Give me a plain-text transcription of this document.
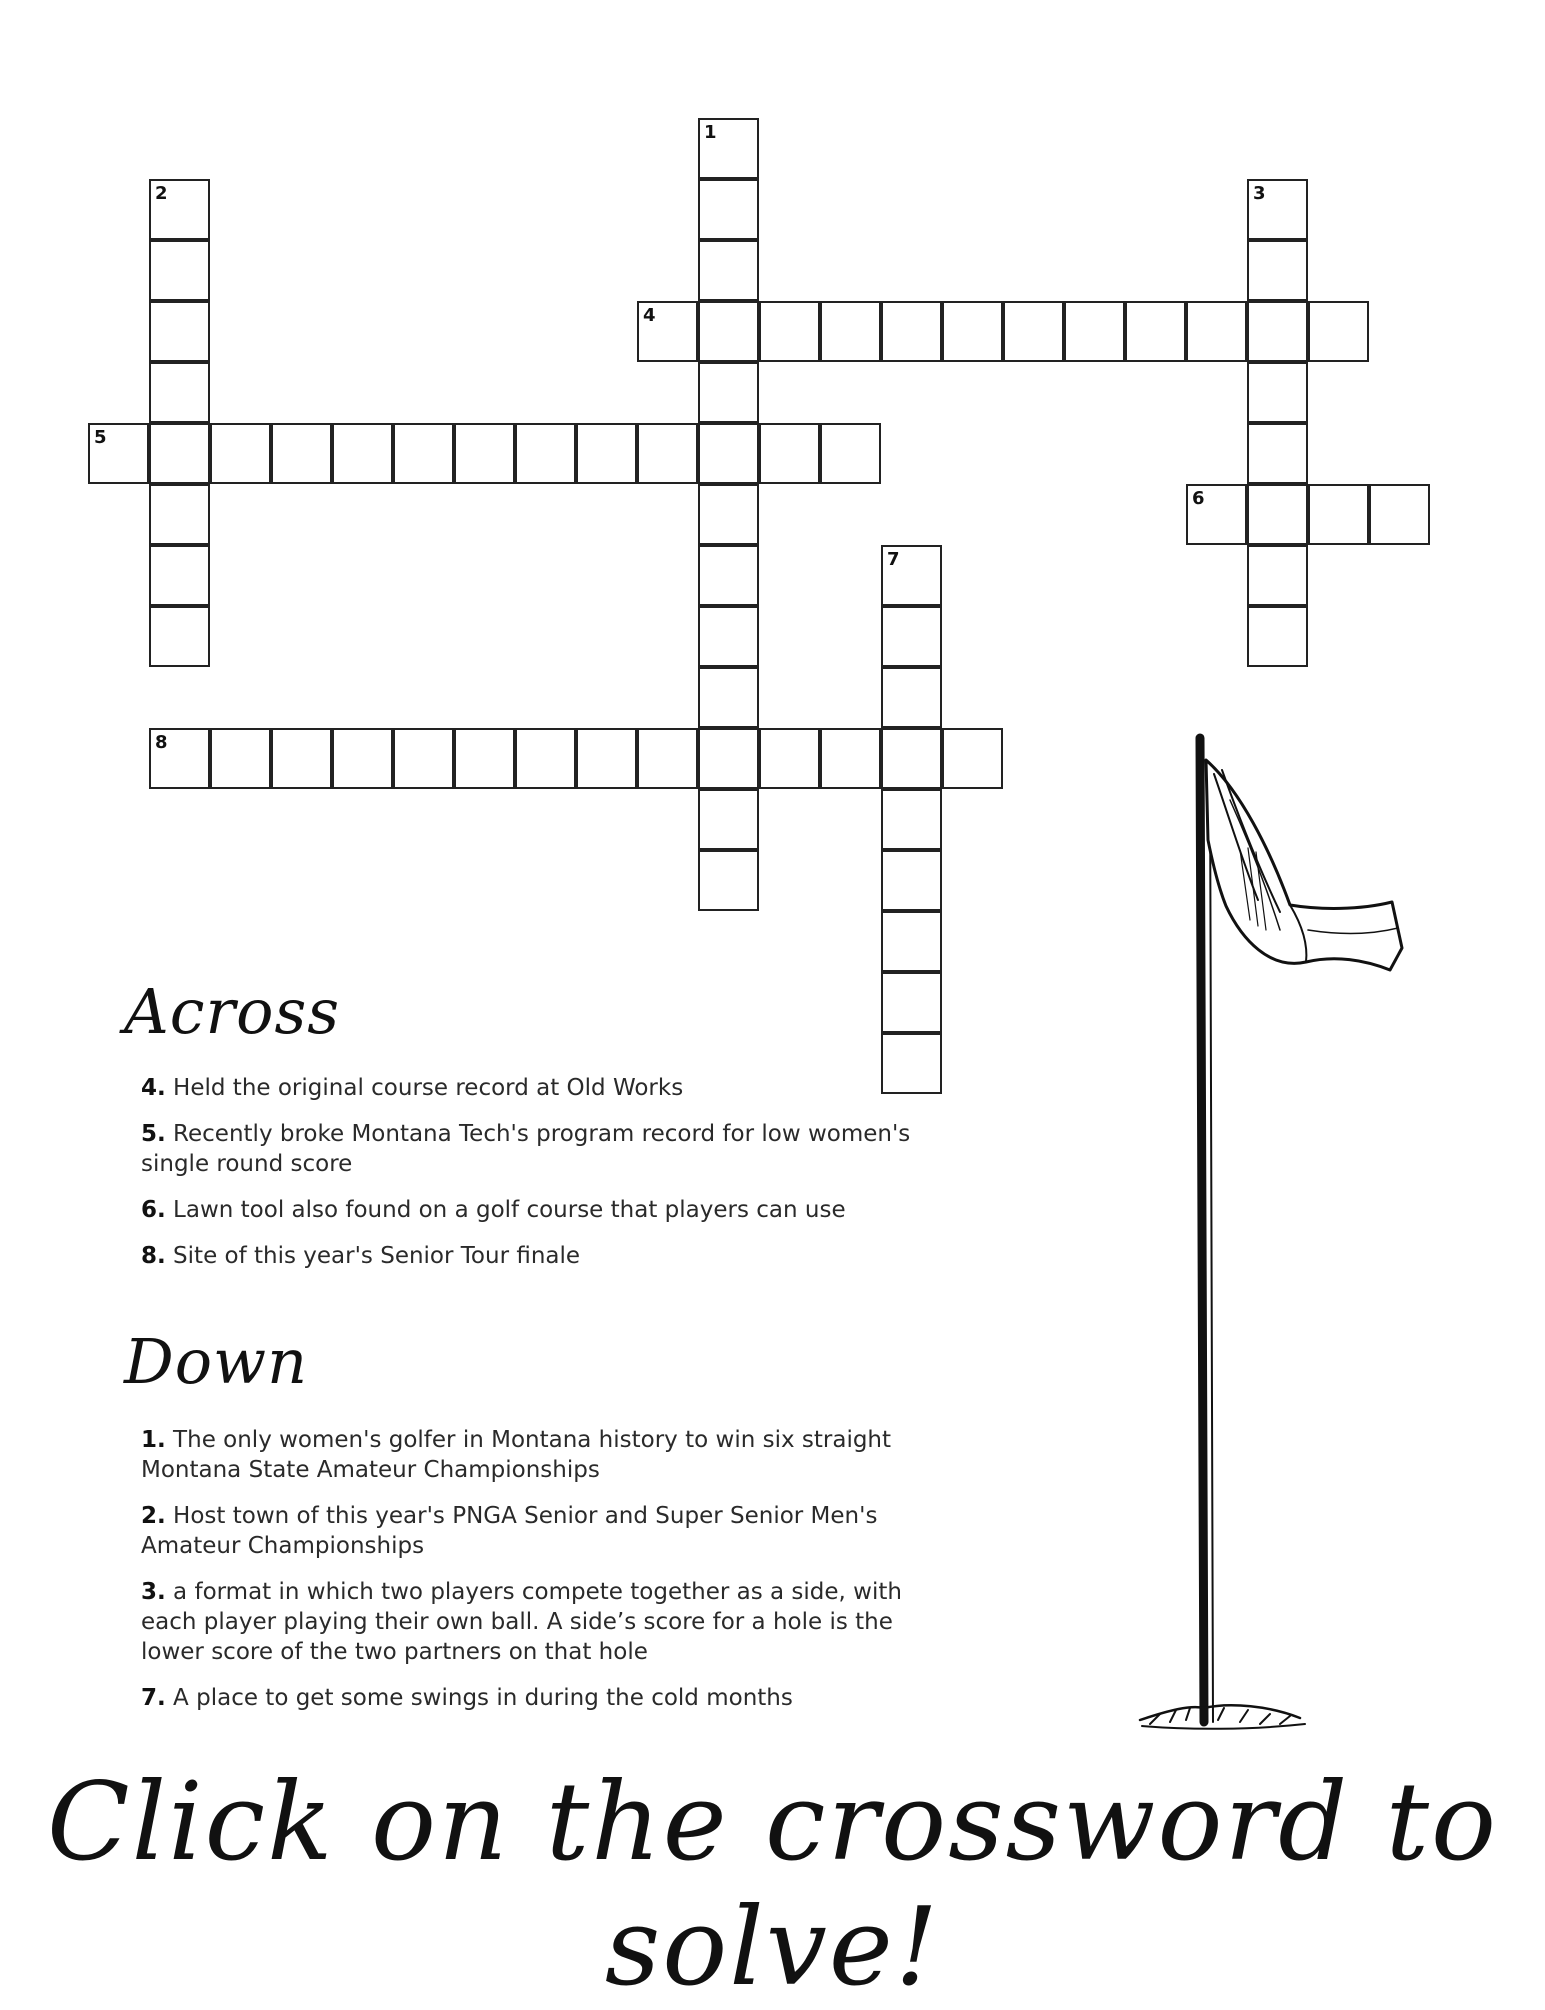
1
2	3
4
5
6
7
8
Across
4. Held the original course record at Old Works
5. Recently broke Montana Tech's program record for low women's single round score
6. Lawn tool also found on a golf course that players can use
8. Site of this year's Senior Tour finale
Down
1. The only women's golfer in Montana history to win six straight Montana State Amateur Championships
2. Host town of this year's PNGA Senior and Super Senior Men's Amateur Championships
3. a format in which two players compete together as a side, with each player playing their own ball. A side’s score for a hole is the lower score of the two partners on that hole
7. A place to get some swings in during the cold months
Click on the crossword to solve!
